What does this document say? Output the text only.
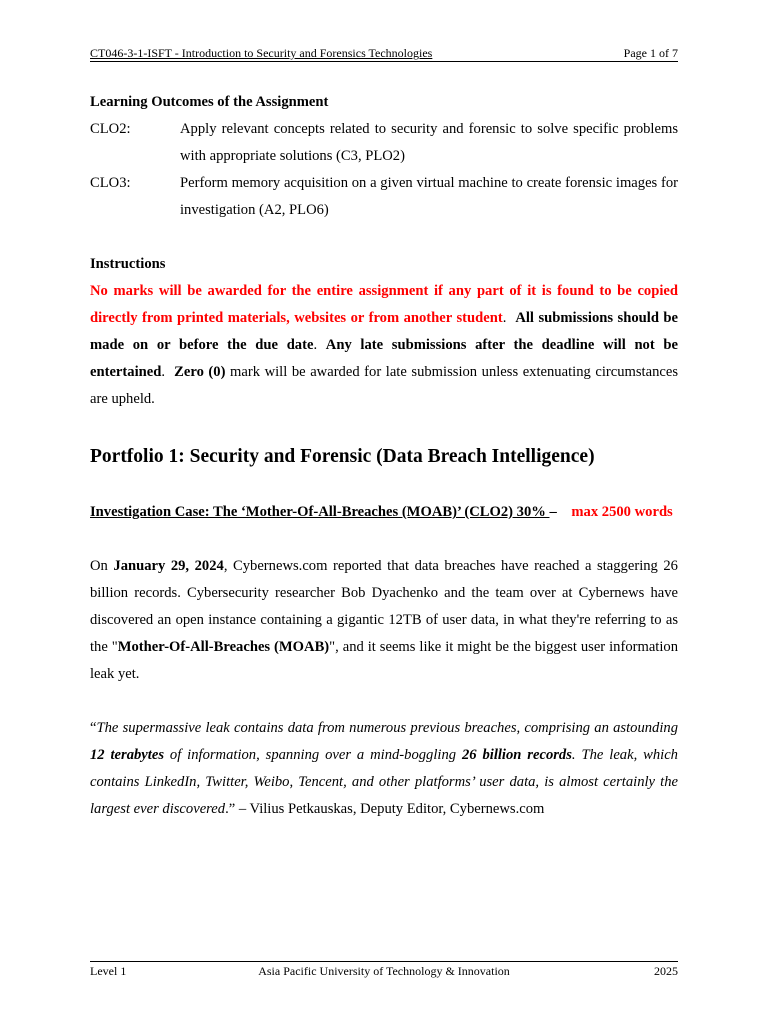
CT046-3-1-ISFT - Introduction to Security and Forensics Technologies	Page 1 of 7

Learning Outcomes of the Assignment

CLO2:	Apply relevant concepts related to security and forensic to solve specific problems with appropriate solutions (C3, PLO2)
CLO3:	Perform memory acquisition on a given virtual machine to create forensic images for investigation (A2, PLO6)

Instructions

No marks will be awarded for the entire assignment if any part of it is found to be copied directly from printed materials, websites or from another student. All submissions should be made on or before the due date. Any late submissions after the deadline will not be entertained. Zero (0) mark will be awarded for late submission unless extenuating circumstances are upheld.

Portfolio 1: Security and Forensic (Data Breach Intelligence)

Investigation Case: The ‘Mother-Of-All-Breaches (MOAB)’ (CLO2) 30% – max 2500 words

On January 29, 2024, Cybernews.com reported that data breaches have reached a staggering 26 billion records. Cybersecurity researcher Bob Dyachenko and the team over at Cybernews have discovered an open instance containing a gigantic 12TB of user data, in what they're referring to as the "Mother-Of-All-Breaches (MOAB)", and it seems like it might be the biggest user information leak yet.

“The supermassive leak contains data from numerous previous breaches, comprising an astounding 12 terabytes of information, spanning over a mind-boggling 26 billion records. The leak, which contains LinkedIn, Twitter, Weibo, Tencent, and other platforms’ user data, is almost certainly the largest ever discovered.” – Vilius Petkauskas, Deputy Editor, Cybernews.com

Level 1	Asia Pacific University of Technology & Innovation	2025
